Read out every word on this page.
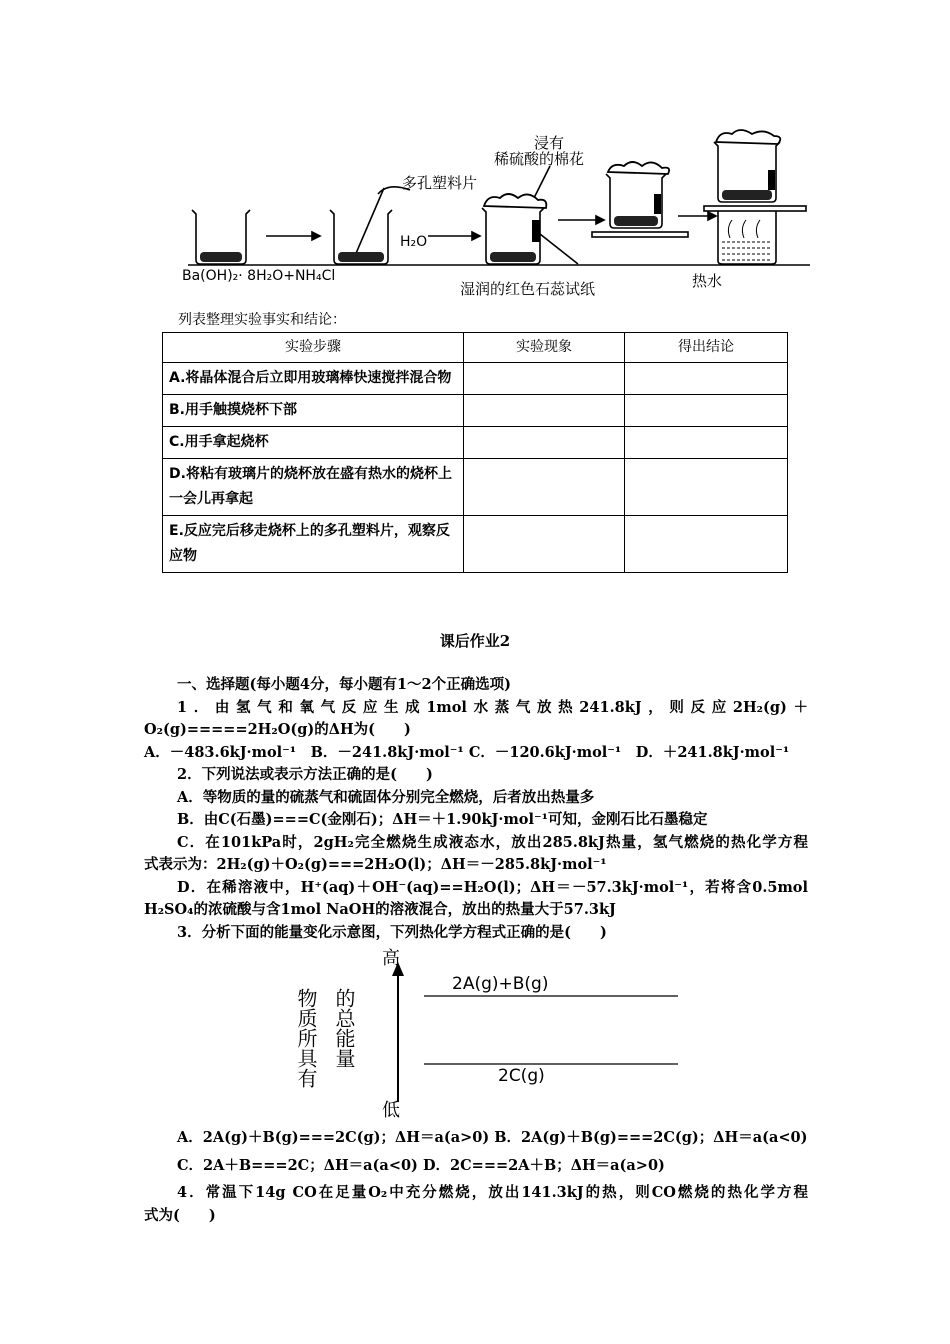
Ba(OH)₂· 8H₂O+NH₄Cl
多孔塑料片
H₂O
浸有
稀硫酸的棉花
湿润的红色石蕊试纸	热水
列表整理实验事实和结论：
实验步骤	实验现象	得出结论
A.将晶体混合后立即用玻璃棒快速搅拌混合物		
B.用手触摸烧杯下部		
C.用手拿起烧杯		
D.将粘有玻璃片的烧杯放在盛有热水的烧杯上一会儿再拿起		
E.反应完后移走烧杯上的多孔塑料片，观察反应物		
课后作业2

一、选择题(每小题4分，每小题有1～2个正确选项)

1．由氢气和氧气反应生成1mol水蒸气放热241.8kJ，则反应2H₂(g)＋

O₂(g)=====2H₂O(g)的ΔH为(　　)

A．－483.6kJ·mol⁻¹　B．－241.8kJ·mol⁻¹ C．－120.6kJ·mol⁻¹　D．＋241.8kJ·mol⁻¹

2．下列说法或表示方法正确的是(　　)

A．等物质的量的硫蒸气和硫固体分别完全燃烧，后者放出热量多

B．由C(石墨)===C(金刚石)；ΔH＝＋1.90kJ·mol⁻¹可知，金刚石比石墨稳定

C．在101kPa时，2gH₂完全燃烧生成液态水，放出285.8kJ热量，氢气燃烧的热化学方程

式表示为：2H₂(g)＋O₂(g)===2H₂O(l)；ΔH＝－285.8kJ·mol⁻¹

D．在稀溶液中，H⁺(aq)＋OH⁻(aq)==H₂O(l)；ΔH＝－57.3kJ·mol⁻¹，若将含0.5mol

H₂SO₄的浓硫酸与含1mol NaOH的溶液混合，放出的热量大于57.3kJ

3．分析下面的能量变化示意图，下列热化学方程式正确的是(　　)

高
低
物质所具有 的总能量
2A(g)+B(g)
2C(g)

A．2A(g)＋B(g)===2C(g)；ΔH＝a(a>0) B．2A(g)＋B(g)===2C(g)；ΔH＝a(a<0)

C．2A＋B===2C；ΔH＝a(a<0) D．2C===2A＋B；ΔH＝a(a>0)

4．常温下14g CO在足量O₂中充分燃烧，放出141.3kJ的热，则CO燃烧的热化学方程

式为(　　)
